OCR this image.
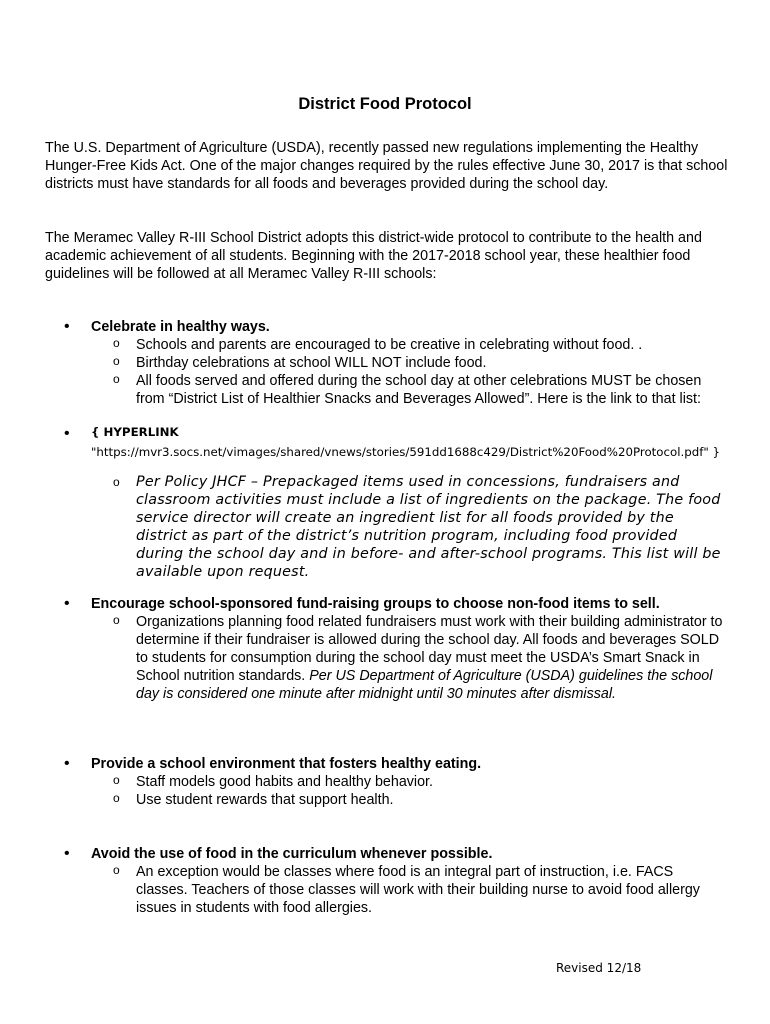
District Food Protocol

The U.S. Department of Agriculture (USDA), recently passed new regulations implementing the Healthy Hunger-Free Kids Act. One of the major changes required by the rules effective June 30, 2017 is that school districts must have standards for all foods and beverages provided during the school day.

The Meramec Valley R-III School District adopts this district-wide protocol to contribute to the health and academic achievement of all students. Beginning with the 2017-2018 school year, these healthier food guidelines will be followed at all Meramec Valley R-III schools:

•
Celebrate in healthy ways.
o	Schools and parents are encouraged to be creative in celebrating without food. .
o	Birthday celebrations at school WILL NOT include food.
o	All foods served and offered during the school day at other celebrations MUST be chosen from “District List of Healthier Snacks and Beverages Allowed”. Here is the link to that list:
•
{ HYPERLINK
"https://mvr3.socs.net/vimages/shared/vnews/stories/591dd1688c429/District%20Food%20Protocol.pdf" }
o	Per Policy JHCF – Prepackaged items used in concessions, fundraisers and classroom activities must include a list of ingredients on the package. The food service director will create an ingredient list for all foods provided by the district as part of the district’s nutrition program, including food provided during the school day and in before- and after-school programs. This list will be available upon request.
•
Encourage school-sponsored fund-raising groups to choose non-food items to sell.
o	Organizations planning food related fundraisers must work with their building administrator to determine if their fundraiser is allowed during the school day. All foods and beverages SOLD to students for consumption during the school day must meet the USDA’s Smart Snack in School nutrition standards. Per US Department of Agriculture (USDA) guidelines the school day is considered one minute after midnight until 30 minutes after dismissal.
•
Provide a school environment that fosters healthy eating.
o	Staff models good habits and healthy behavior.
o	Use student rewards that support health.
•
Avoid the use of food in the curriculum whenever possible.
o	An exception would be classes where food is an integral part of instruction, i.e. FACS classes. Teachers of those classes will work with their building nurse to avoid food allergy issues in students with food allergies.
Revised 12/18
